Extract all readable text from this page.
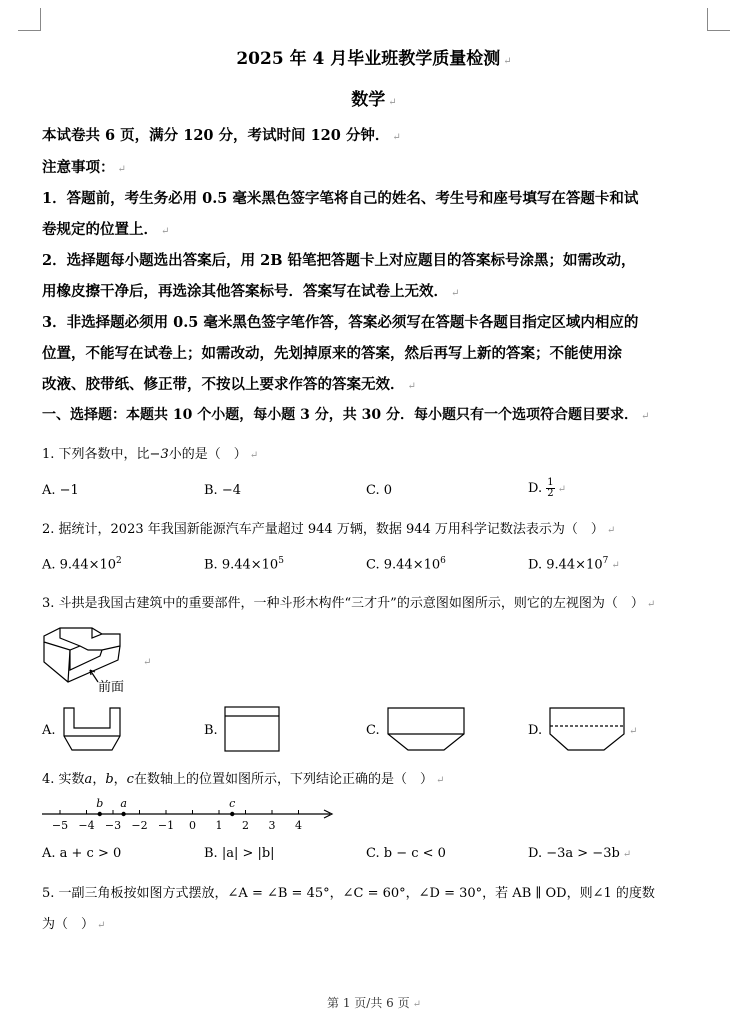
2025 年 4 月毕业班教学质量检测 ↵
数学 ↵
本试卷共 6 页，满分 120 分，考试时间 120 分钟． ↵
注意事项： ↵
1．答题前，考生务必用 0.5 毫米黑色签字笔将自己的姓名、考生号和座号填写在答题卡和试
卷规定的位置上． ↵
2．选择题每小题选出答案后，用 2B 铅笔把答题卡上对应题目的答案标号涂黑；如需改动，
用橡皮擦干净后，再选涂其他答案标号．答案写在试卷上无效． ↵
3．非选择题必须用 0.5 毫米黑色签字笔作答，答案必须写在答题卡各题目指定区域内相应的
位置，不能写在试卷上；如需改动，先划掉原来的答案，然后再写上新的答案；不能使用涂
改液、胶带纸、修正带，不按以上要求作答的答案无效． ↵
一、选择题：本题共 10 个小题，每小题 3 分，共 30 分．每小题只有一个选项符合题目要求． ↵
1. 下列各数中，比−3小的是（　） ↵
A. −1	B. −4	C. 0	D. $\frac{1}{2}$ ↵
2. 据统计，2023 年我国新能源汽车产量超过 944 万辆，数据 944 万用科学记数法表示为（　） ↵
A. $9.44\times 10^2$	B. $9.44\times 10^5$	C. $9.44\times 10^6$	D. $9.44\times 10^7$ ↵
3. 斗拱是我国古建筑中的重要部件，一种斗形木构件“三才升”的示意图如图所示，则它的左视图为（　） ↵
前面
↵
A.	B.	C.	D.	↵
4. 实数a，b，c在数轴上的位置如图所示，下列结论正确的是（　） ↵
−5 −4 −3 −2 −1 0 1 2 3 4
b a	c
A. a + c > 0	B. |a| > |b|	C. b − c < 0	D. −3a > −3b ↵
5. 一副三角板按如图方式摆放，∠A = ∠B = 45°，∠C = 60°，∠D = 30°，若 AB ∥ OD，则∠1 的度数
为（　） ↵
第 1 页/共 6 页 ↵
